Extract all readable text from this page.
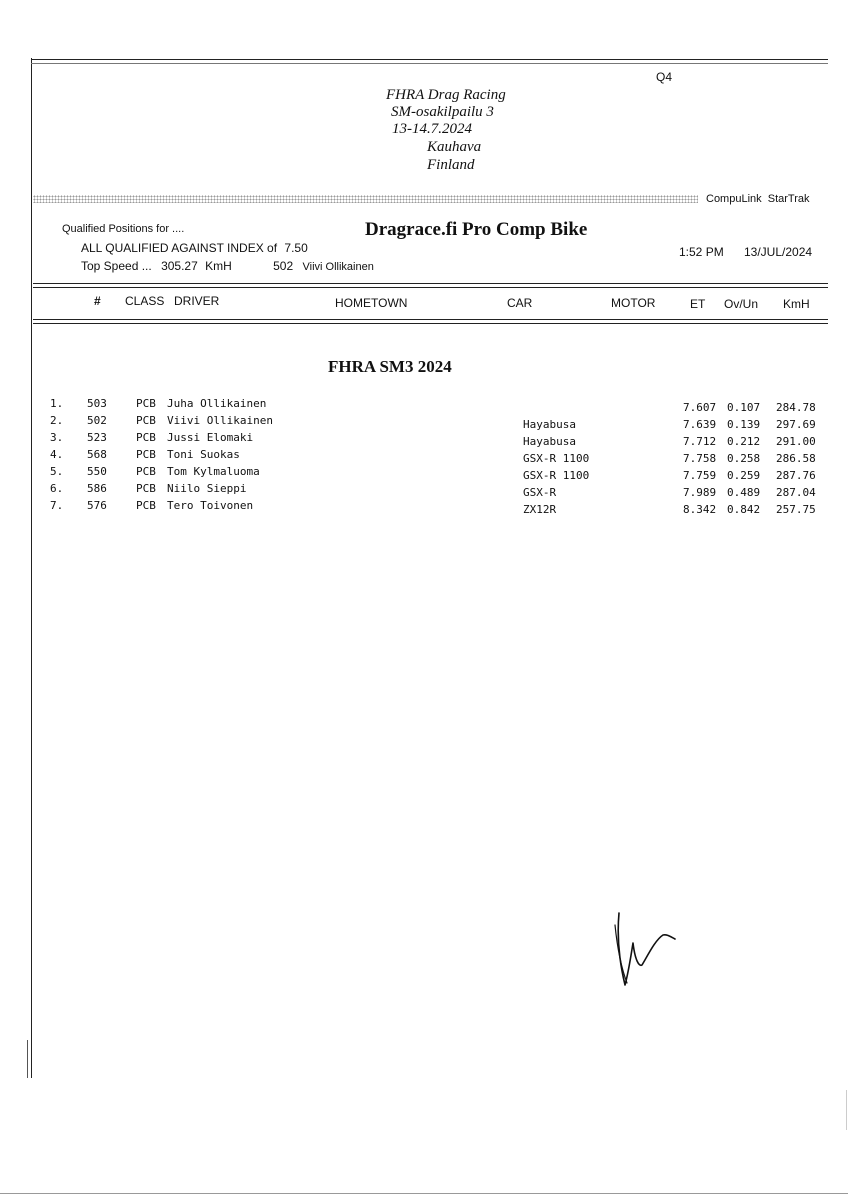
FHRA Drag Racing
SM-osakilpailu 3
13-14.7.2024
Kauhava
Finland
Q4
CompuLink  StarTrak
Qualified Positions for ....
ALL QUALIFIED AGAINST INDEX of 7.50
Top Speed ... 305.27 KmH	502 Viivi Ollikainen
Dragrace.fi Pro Comp Bike
1:52 PM 13/JUL/2024
# CLASS DRIVER	HOMETOWN	CAR	MOTOR	ET Ov/Un KmH
FHRA SM3 2024
1. 503	PCB Juha Ollikainen	7.607 0.107 284.78
2. 502	PCB Viivi Ollikainen	Hayabusa	7.639 0.139 297.69
3. 523	PCB Jussi Elomaki	Hayabusa	7.712 0.212 291.00
4. 568	PCB Toni Suokas	GSX-R 1100	7.758 0.258 286.58
5. 550	PCB Tom Kylmaluoma	GSX-R 1100	7.759 0.259 287.76
6. 586	PCB Niilo Sieppi	GSX-R	7.989 0.489 287.04
7. 576	PCB Tero Toivonen	ZX12R	8.342 0.842 257.75
